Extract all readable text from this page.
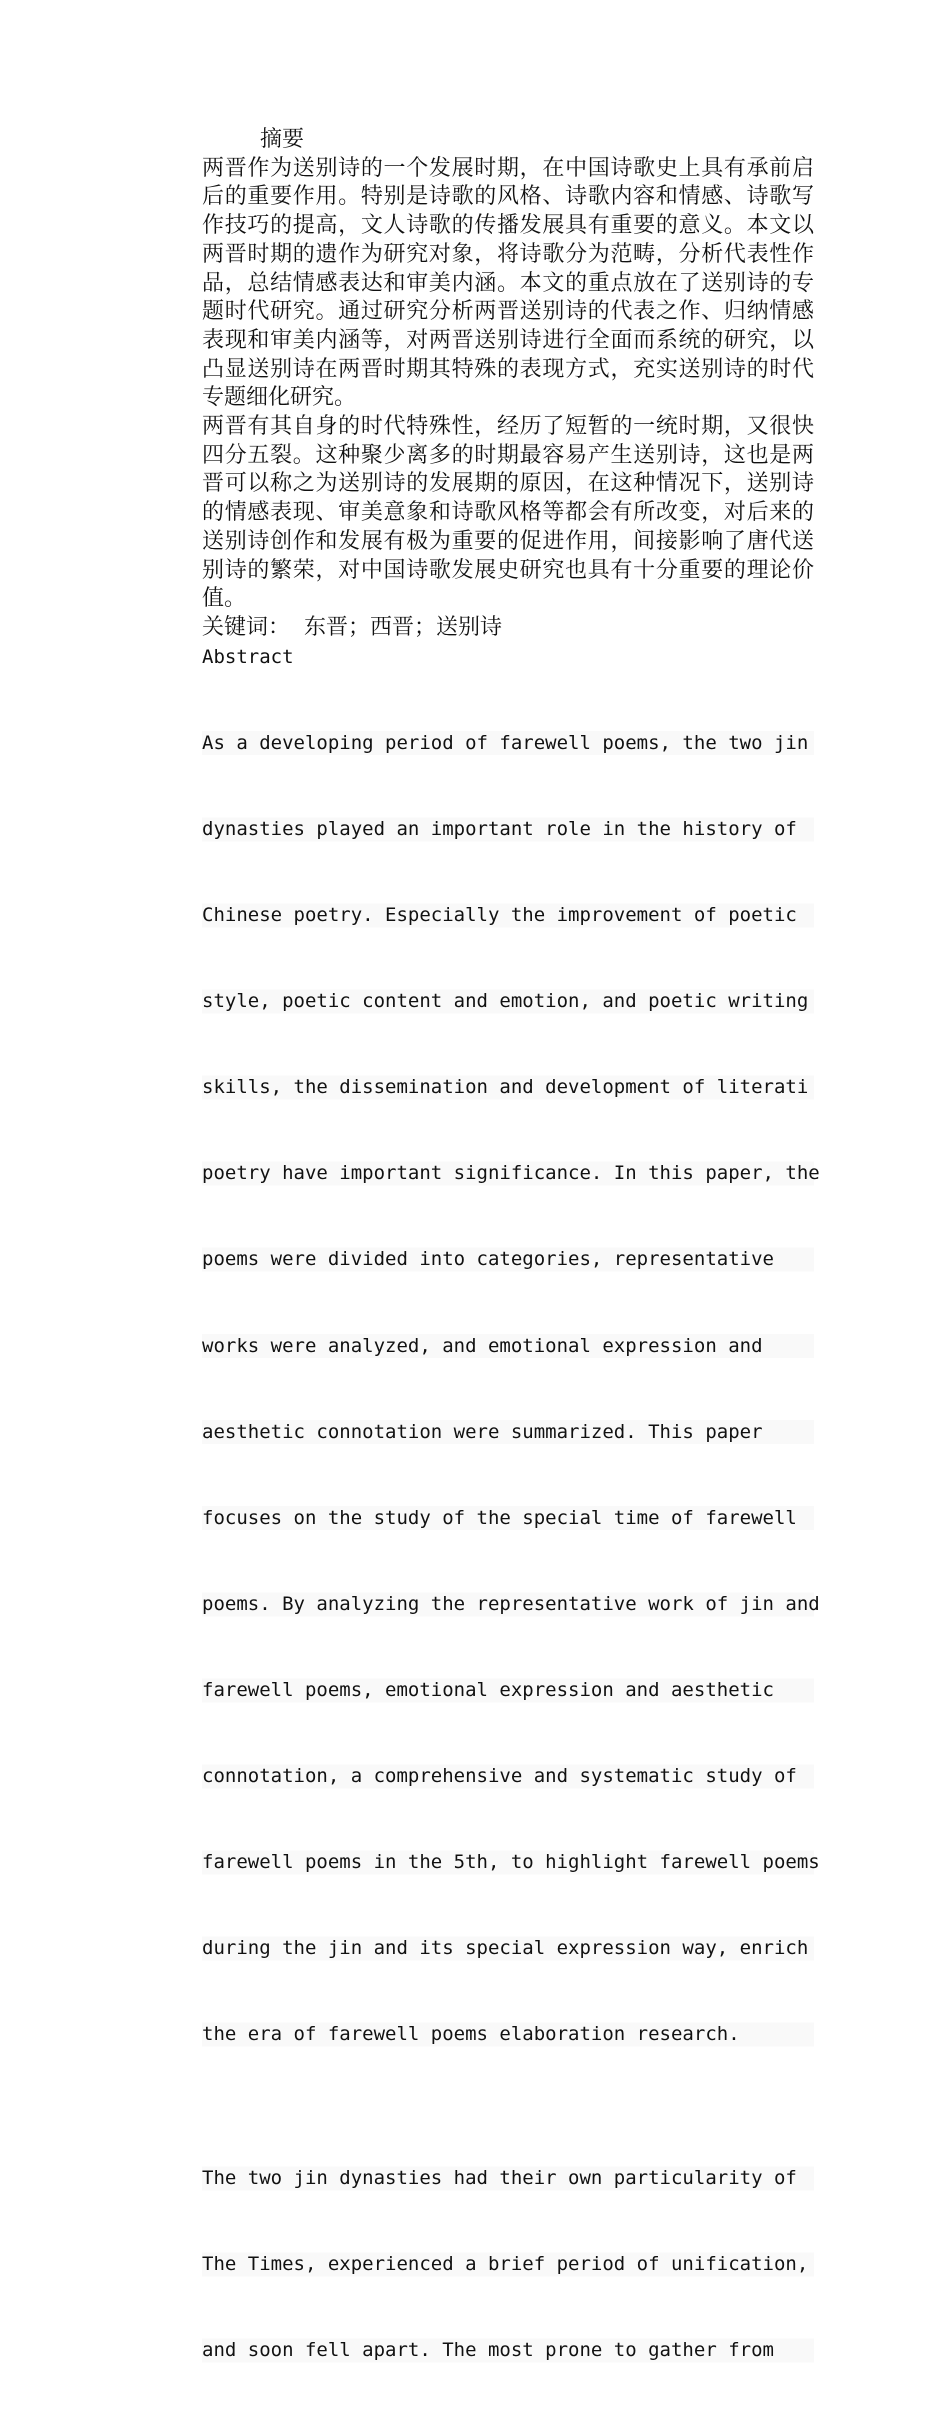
摘要

两晋作为送别诗的一个发展时期，在中国诗歌史上具有承前启后的重要作用。特别是诗歌的风格、诗歌内容和情感、诗歌写作技巧的提高，文人诗歌的传播发展具有重要的意义。本文以两晋时期的遗作为研究对象，将诗歌分为范畴，分析代表性作品，总结情感表达和审美内涵。本文的重点放在了送别诗的专题时代研究。通过研究分析两晋送别诗的代表之作、归纳情感表现和审美内涵等，对两晋送别诗进行全面而系统的研究，以凸显送别诗在两晋时期其特殊的表现方式，充实送别诗的时代专题细化研究。

两晋有其自身的时代特殊性，经历了短暂的一统时期，又很快四分五裂。这种聚少离多的时期最容易产生送别诗，这也是两晋可以称之为送别诗的发展期的原因，在这种情况下，送别诗的情感表现、审美意象和诗歌风格等都会有所改变，对后来的送别诗创作和发展有极为重要的促进作用，间接影响了唐代送别诗的繁荣，对中国诗歌发展史研究也具有十分重要的理论价值。

关键词：  东晋；西晋；送别诗

Abstract

As a developing period of farewell poems, the two jin

dynasties played an important role in the history of

Chinese poetry. Especially the improvement of poetic

style, poetic content and emotion, and poetic writing

skills, the dissemination and development of literati

poetry have important significance. In this paper, the

poems were divided into categories, representative

works were analyzed, and emotional expression and

aesthetic connotation were summarized. This paper

focuses on the study of the special time of farewell

poems. By analyzing the representative work of jin and

farewell poems, emotional expression and aesthetic

connotation, a comprehensive and systematic study of

farewell poems in the 5th, to highlight farewell poems

during the jin and its special expression way, enrich

the era of farewell poems elaboration research.

The two jin dynasties had their own particularity of

The Times, experienced a brief period of unification,

and soon fell apart. The most prone to gather from
